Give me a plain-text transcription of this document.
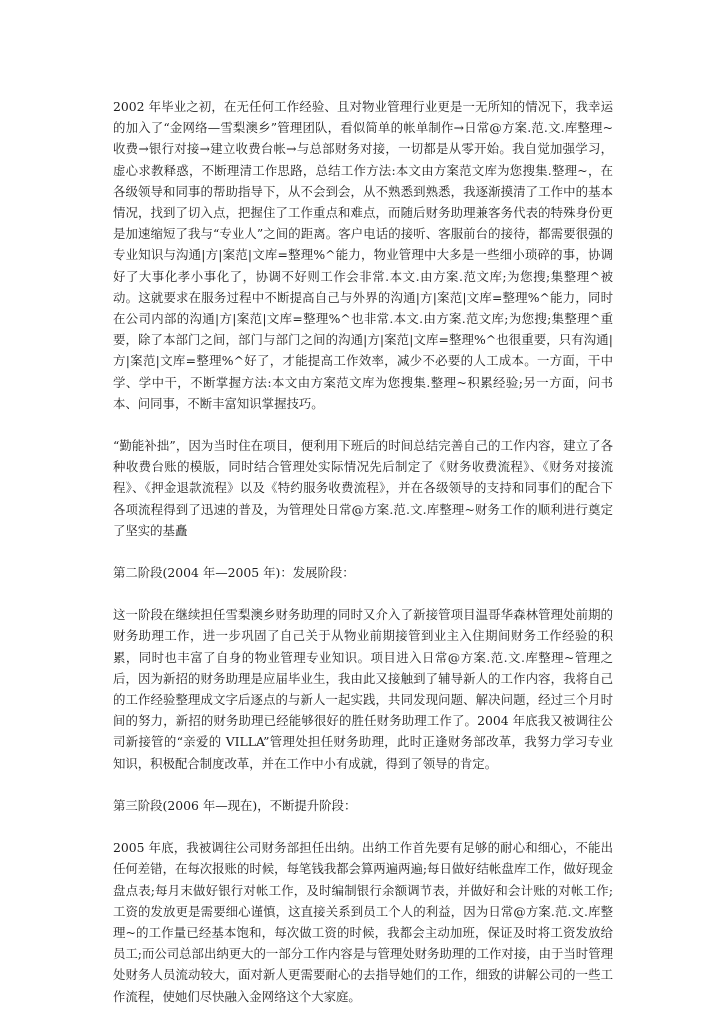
2002 年毕业之初，在无任何工作经验、且对物业管理行业更是一无所知的情况下，我幸运的加入了“金网络—雪梨澳乡”管理团队，看似简单的帐单制作→日常@方案.范.文.库整理~收费→银行对接→建立收费台帐→与总部财务对接，一切都是从零开始。我自觉加强学习，虚心求教释惑，不断理清工作思路，总结工作方法:本文由方案范文库为您搜集.整理~，在各级领导和同事的帮助指导下，从不会到会，从不熟悉到熟悉，我逐渐摸清了工作中的基本情况，找到了切入点，把握住了工作重点和难点，而随后财务助理兼客务代表的特殊身份更是加速缩短了我与“专业人”之间的距离。客户电话的接听、客服前台的接待，都需要很强的专业知识与沟通|方|案范|文库=整理%^能力，物业管理中大多是一些细小琐碎的事，协调好了大事化孝小事化了，协调不好则工作会非常.本文.由方案.范文库;为您搜;集整理^被动。这就要求在服务过程中不断提高自己与外界的沟通|方|案范|文库=整理%^能力，同时在公司内部的沟通|方|案范|文库=整理%^也非常.本文.由方案.范文库;为您搜;集整理^重要，除了本部门之间，部门与部门之间的沟通|方|案范|文库=整理%^也很重要，只有沟通|方|案范|文库=整理%^好了，才能提高工作效率，减少不必要的人工成本。一方面，干中学、学中干，不断掌握方法:本文由方案范文库为您搜集.整理~积累经验;另一方面，问书本、问同事，不断丰富知识掌握技巧。

“勤能补拙”，因为当时住在项目，便利用下班后的时间总结完善自己的工作内容，建立了各种收费台账的模版，同时结合管理处实际情况先后制定了《财务收费流程》、《财务对接流程》、《押金退款流程》以及《特约服务收费流程》，并在各级领导的支持和同事们的配合下各项流程得到了迅速的普及，为管理处日常@方案.范.文.库整理~财务工作的顺利进行奠定了坚实的基矗

第二阶段(2004 年—2005 年)：发展阶段：

这一阶段在继续担任雪梨澳乡财务助理的同时又介入了新接管项目温哥华森林管理处前期的财务助理工作，进一步巩固了自己关于从物业前期接管到业主入住期间财务工作经验的积累，同时也丰富了自身的物业管理专业知识。项目进入日常@方案.范.文.库整理~管理之后，因为新招的财务助理是应届毕业生，我由此又接触到了辅导新人的工作内容，我将自己的工作经验整理成文字后逐点的与新人一起实践，共同发现问题、解决问题，经过三个月时间的努力，新招的财务助理已经能够很好的胜任财务助理工作了。2004 年底我又被调往公司新接管的“亲爱的 VILLA”管理处担任财务助理，此时正逢财务部改革，我努力学习专业知识，积极配合制度改革，并在工作中小有成就，得到了领导的肯定。

第三阶段(2006 年—现在)，不断提升阶段：

2005 年底，我被调往公司财务部担任出纳。出纳工作首先要有足够的耐心和细心，不能出任何差错，在每次报账的时候，每笔钱我都会算两遍两遍;每日做好结帐盘库工作，做好现金盘点表;每月末做好银行对帐工作，及时编制银行余额调节表，并做好和会计账的对帐工作;工资的发放更是需要细心谨慎，这直接关系到员工个人的利益，因为日常@方案.范.文.库整理~的工作量已经基本饱和，每次做工资的时候，我都会主动加班，保证及时将工资发放给员工;而公司总部出纳更大的一部分工作内容是与管理处财务助理的工作对接，由于当时管理处财务人员流动较大，面对新人更需要耐心的去指导她们的工作，细致的讲解公司的一些工作流程，使她们尽快融入金网络这个大家庭。
